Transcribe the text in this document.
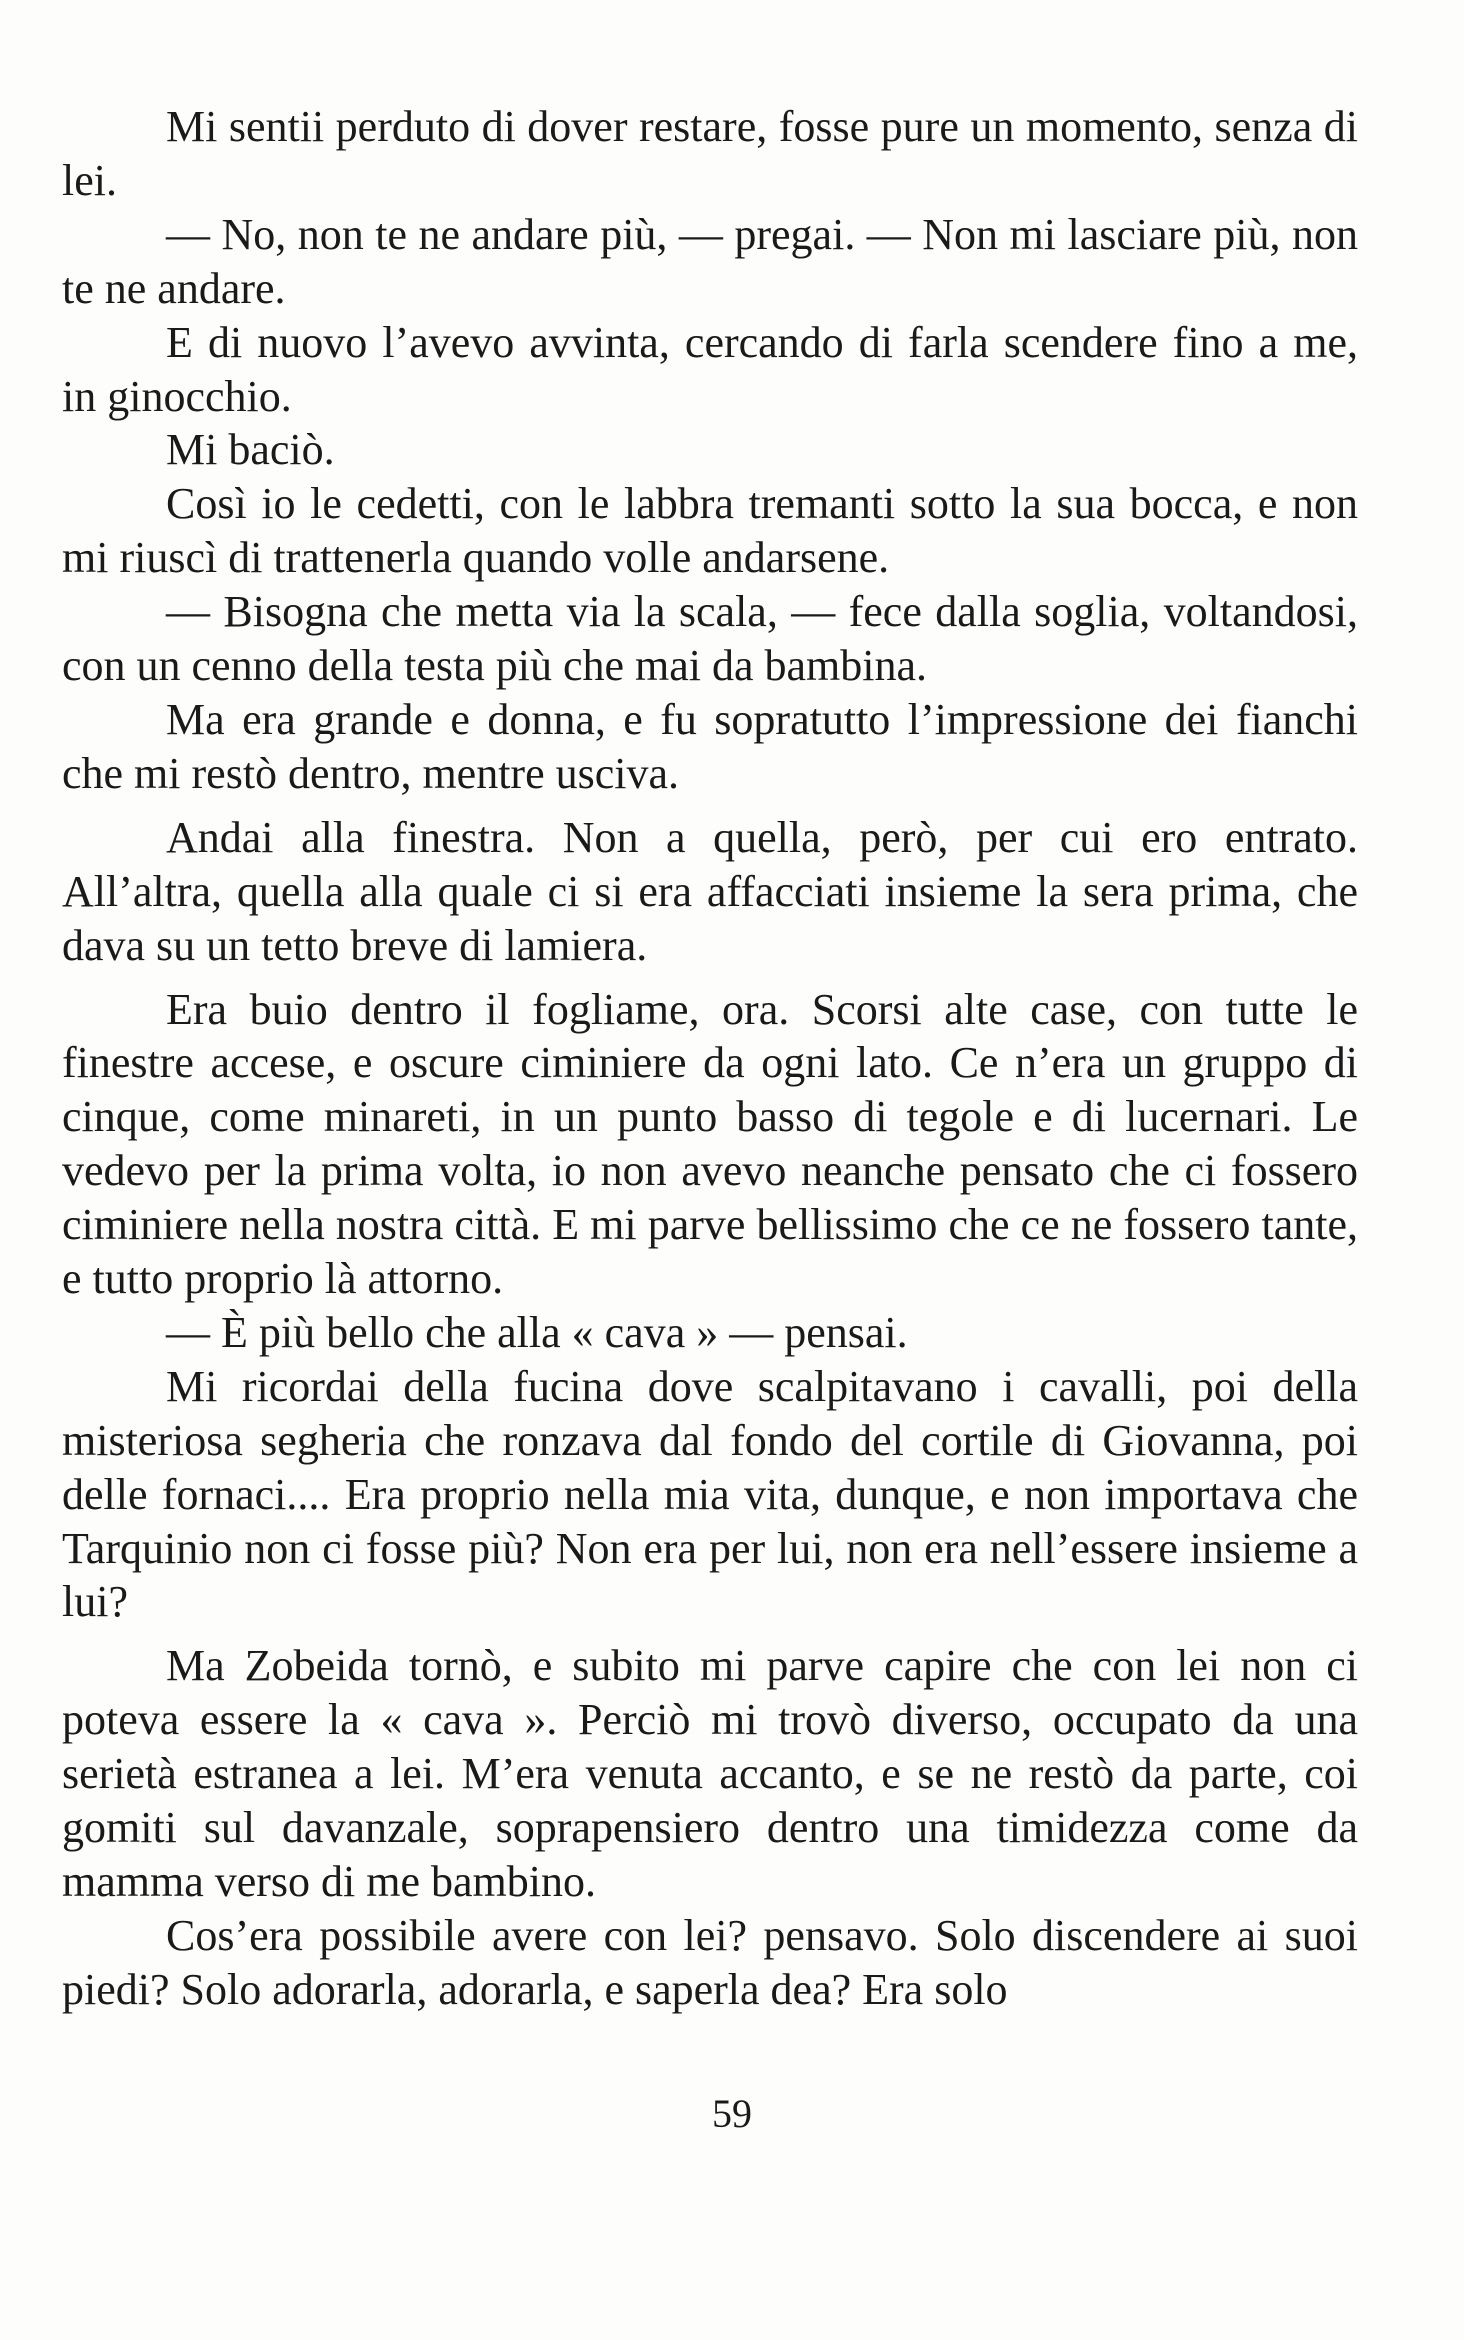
Mi sentii perduto di dover restare, fosse pure un momento, senza di lei.

— No, non te ne andare più, — pregai. — Non mi lasciare più, non te ne andare.

E di nuovo l’avevo avvinta, cercando di farla scendere fino a me, in ginocchio.

Mi baciò.

Così io le cedetti, con le labbra tremanti sotto la sua bocca, e non mi riuscì di trattenerla quando volle andarsene.

— Bisogna che metta via la scala, — fece dalla soglia, voltandosi, con un cenno della testa più che mai da bambina.

Ma era grande e donna, e fu sopratutto l’impressione dei fianchi che mi restò dentro, mentre usciva.

Andai alla finestra. Non a quella, però, per cui ero entrato. All’altra, quella alla quale ci si era affacciati insieme la sera prima, che dava su un tetto breve di lamiera.

Era buio dentro il fogliame, ora. Scorsi alte case, con tutte le finestre accese, e oscure ciminiere da ogni lato. Ce n’era un gruppo di cinque, come minareti, in un punto basso di tegole e di lucernari. Le vedevo per la prima volta, io non avevo neanche pensato che ci fossero ciminiere nella nostra città. E mi parve bellissimo che ce ne fossero tante, e tutto proprio là attorno.

— È più bello che alla « cava » — pensai.

Mi ricordai della fucina dove scalpitavano i cavalli, poi della misteriosa segheria che ronzava dal fondo del cortile di Giovanna, poi delle fornaci.... Era proprio nella mia vita, dunque, e non importava che Tarquinio non ci fosse più? Non era per lui, non era nell’essere insieme a lui?

Ma Zobeida tornò, e subito mi parve capire che con lei non ci poteva essere la « cava ». Perciò mi trovò diverso, occupato da una serietà estranea a lei. M’era venuta accanto, e se ne restò da parte, coi gomiti sul davanzale, soprapensiero dentro una timidezza come da mamma verso di me bambino.

Cos’era possibile avere con lei? pensavo. Solo discendere ai suoi piedi? Solo adorarla, adorarla, e saperla dea? Era solo

59
